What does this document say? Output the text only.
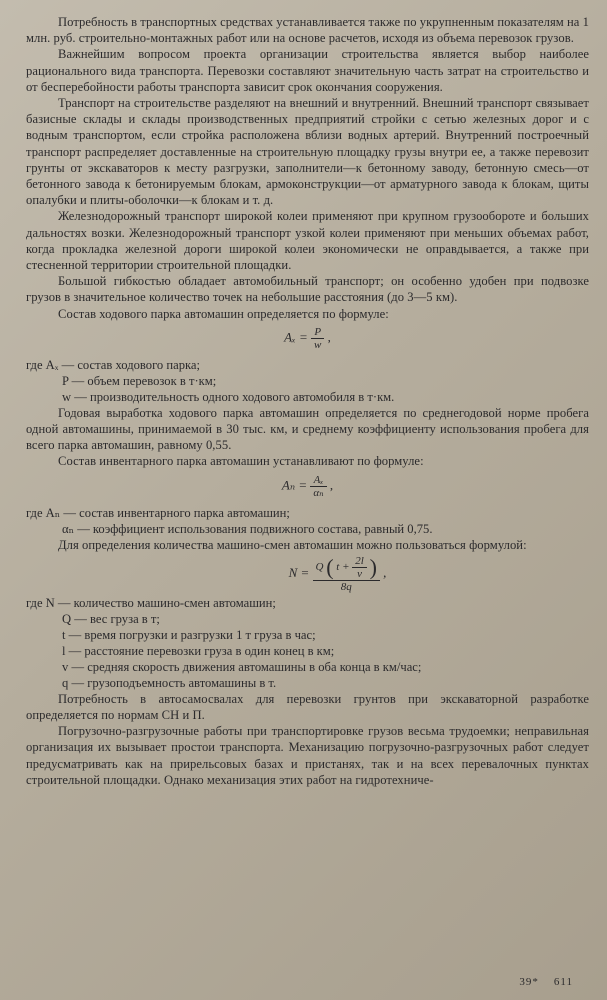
Потребность в транспортных средствах устанавливается также по укрупненным показателям на 1 млн. руб. строительно-монтажных работ или на основе расчетов, исходя из объема перевозок грузов.

Важнейшим вопросом проекта организации строительства является выбор наиболее рационального вида транспорта. Перевозки составляют значительную часть затрат на строительство и от бесперебойности работы транспорта зависит срок окончания сооружения.

Транспорт на строительстве разделяют на внешний и внутренний. Внешний транспорт связывает базисные склады и склады производственных предприятий стройки с сетью железных дорог и с водным транспортом, если стройка расположена вблизи водных артерий. Внутренний построечный транспорт распределяет доставленные на строительную площадку грузы внутри ее, а также перевозит грунты от экскаваторов к месту разгрузки, заполнители—к бетонному заводу, бетонную смесь—от бетонного завода к бетонируемым блокам, армоконструкции—от арматурного завода к блокам, щиты опалубки и плиты-оболочки—к блокам и т. д.

Железнодорожный транспорт широкой колеи применяют при крупном грузообороте и больших дальностях возки. Железнодорожный транспорт узкой колеи применяют при меньших объемах работ, когда прокладка железной дороги широкой колеи экономически не оправдывается, а также при стесненной территории строительной площадки.

Большой гибкостью обладает автомобильный транспорт; он особенно удобен при подвозке грузов в значительное количество точек на небольшие расстояния (до 3—5 км).

Состав ходового парка автомашин определяется по формуле:

$A_x = \frac{P}{w}$ ,
где Aₓ — состав ходового парка;
P — объем перевозок в т·км;
w — производительность одного ходового автомобиля в т·км.

Годовая выработка ходового парка автомашин определяется по среднегодовой норме пробега одной автомашины, принимаемой в 30 тыс. км, и среднему коэффициенту использования пробега для всего парка автомашин, равному 0,55.

Состав инвентарного парка автомашин устанавливают по формуле:

$A_n = \frac{\text{Aₓ}}{\text{αₙ}}$ ,
где Aₙ — состав инвентарного парка автомашин;
αₙ — коэффициент использования подвижного состава, равный 0,75.

Для определения количества машино-смен автомашин можно пользоваться формулой:

N = Q ( $t + \frac{2l}{v}$ )
8q
,
где N — количество машино-смен автомашин;
Q — вес груза в т;
t — время погрузки и разгрузки 1 т груза в час;
l — расстояние перевозки груза в один конец в км;
v — средняя скорость движения автомашины в оба конца в км/час;
q — грузоподъемность автомашины в т.

Потребность в автосамосвалах для перевозки грунтов при экскаваторной разработке определяется по нормам СН и П.

Погрузочно-разгрузочные работы при транспортировке грузов весьма трудоемки; неправильная организация их вызывает простои транспорта. Механизацию погрузочно-разгрузочных работ следует предусматривать как на прирельсовых базах и пристанях, так и на всех перевалочных пунктах строительной площадки. Однако механизация этих работ на гидротехниче-

39* 611
